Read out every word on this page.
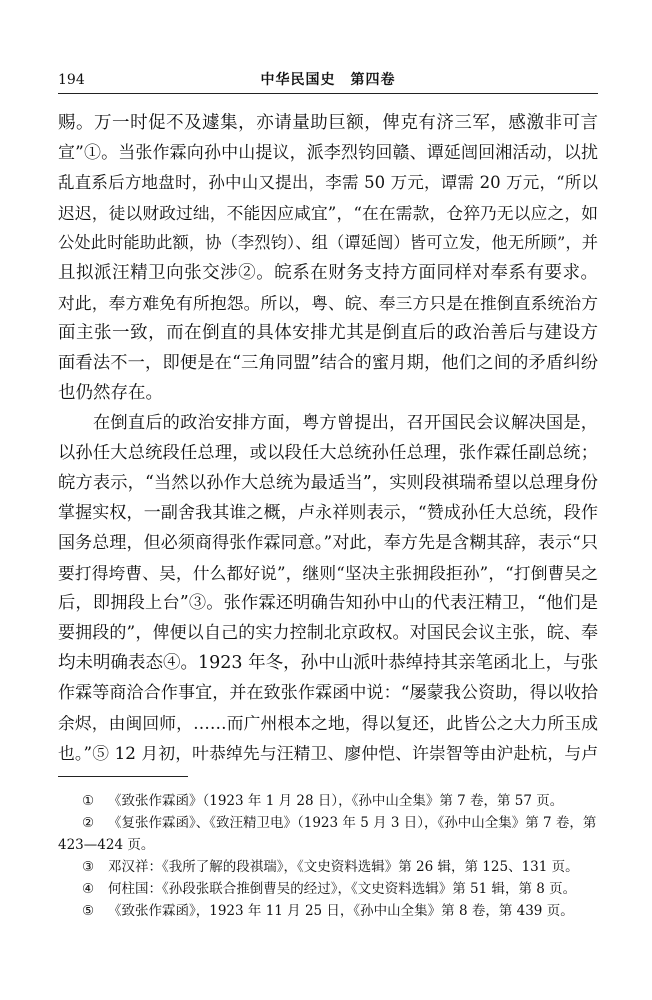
194	中华民国史　第四卷
赐。万一时促不及遽集，亦请量助巨额，俾克有济三军，感激非可言
宣”①。当张作霖向孙中山提议，派李烈钧回赣、谭延闿回湘活动，以扰
乱直系后方地盘时，孙中山又提出，李需 50 万元，谭需 20 万元，“所以
迟迟，徒以财政过绌，不能因应咸宜”，“在在需款，仓猝乃无以应之，如
公处此时能助此额，协（李烈钧）、组（谭延闿）皆可立发，他无所顾”，并
且拟派汪精卫向张交涉②。皖系在财务支持方面同样对奉系有要求。
对此，奉方难免有所抱怨。所以，粤、皖、奉三方只是在推倒直系统治方
面主张一致，而在倒直的具体安排尤其是倒直后的政治善后与建设方
面看法不一，即便是在“三角同盟”结合的蜜月期，他们之间的矛盾纠纷
也仍然存在。
在倒直后的政治安排方面，粤方曾提出，召开国民会议解决国是，
以孙任大总统段任总理，或以段任大总统孙任总理，张作霖任副总统；
皖方表示，“当然以孙作大总统为最适当”，实则段祺瑞希望以总理身份
掌握实权，一副舍我其谁之概，卢永祥则表示，“赞成孙任大总统，段作
国务总理，但必须商得张作霖同意。”对此，奉方先是含糊其辞，表示“只
要打得垮曹、吴，什么都好说”，继则“坚决主张拥段拒孙”，“打倒曹吴之
后，即拥段上台”③。张作霖还明确告知孙中山的代表汪精卫，“他们是
要拥段的”，俾便以自己的实力控制北京政权。对国民会议主张，皖、奉
均未明确表态④。1923 年冬，孙中山派叶恭绰持其亲笔函北上，与张
作霖等商洽合作事宜，并在致张作霖函中说：“屡蒙我公资助，得以收拾
余烬，由闽回师，……而广州根本之地，得以复还，此皆公之大力所玉成
也。”⑤ 12 月初，叶恭绰先与汪精卫、廖仲恺、许崇智等由沪赴杭，与卢
① 《致张作霖函》（1923 年 1 月 28 日），《孙中山全集》第 7 卷，第 57 页。
② 《复张作霖函》、《致汪精卫电》（1923 年 5 月 3 日），《孙中山全集》第 7 卷，第
423—424 页。
③ 邓汉祥：《我所了解的段祺瑞》，《文史资料选辑》第 26 辑，第 125、131 页。
④ 何柱国：《孙段张联合推倒曹吴的经过》，《文史资料选辑》第 51 辑，第 8 页。
⑤ 《致张作霖函》，1923 年 11 月 25 日，《孙中山全集》第 8 卷，第 439 页。
